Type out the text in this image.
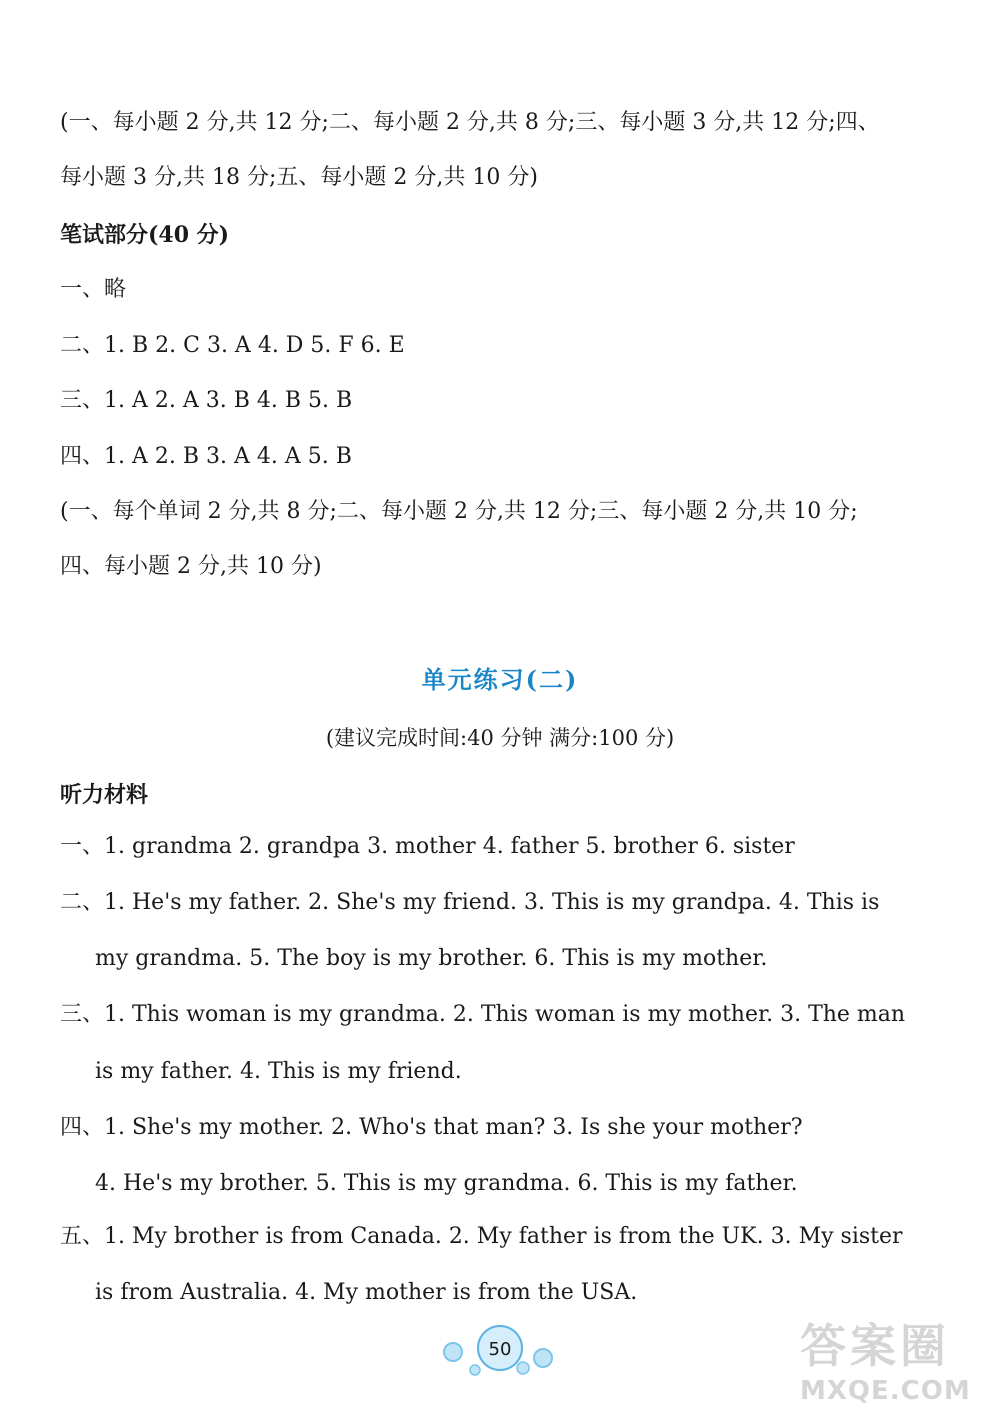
(一、每小题 2 分,共 12 分;二、每小题 2 分,共 8 分;三、每小题 3 分,共 12 分;四、
每小题 3 分,共 18 分;五、每小题 2 分,共 10 分)
笔试部分(40 分)
一、略
二、1. B 2. C 3. A 4. D 5. F 6. E
三、1. A 2. A 3. B 4. B 5. B
四、1. A 2. B 3. A 4. A 5. B
(一、每个单词 2 分,共 8 分;二、每小题 2 分,共 12 分;三、每小题 2 分,共 10 分;
四、每小题 2 分,共 10 分)
单元练习(二)
(建议完成时间:40 分钟 满分:100 分)
听力材料
一、1. grandma 2. grandpa 3. mother 4. father 5. brother 6. sister
二、1. He's my father. 2. She's my friend. 3. This is my grandpa. 4. This is
my grandma. 5. The boy is my brother. 6. This is my mother.
三、1. This woman is my grandma. 2. This woman is my mother. 3. The man
is my father. 4. This is my friend.
四、1. She's my mother. 2. Who's that man? 3. Is she your mother?
4. He's my brother. 5. This is my grandma. 6. This is my father.
五、1. My brother is from Canada. 2. My father is from the UK. 3. My sister
is from Australia. 4. My mother is from the USA.
50	答案圈
MXQE.COM
